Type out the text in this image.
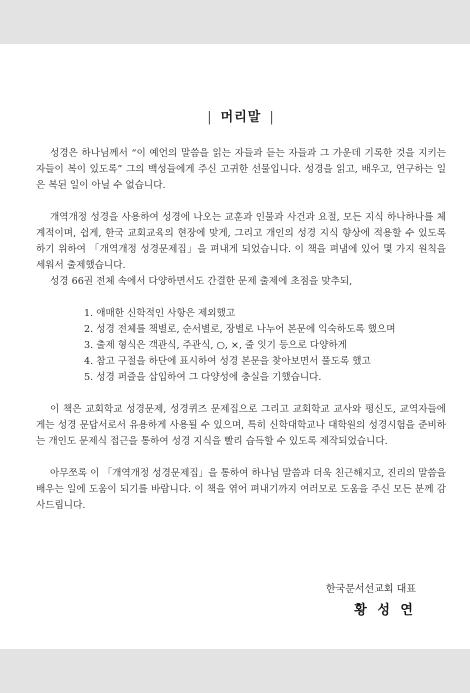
| 머리말 |

성경은 하나님께서 “이 예언의 말씀을 읽는 자들과 듣는 자들과 그 가운데 기록한 것을 지키는 자들이 복이 있도록” 그의 백성들에게 주신 고귀한 선물입니다. 성경을 읽고, 배우고, 연구하는 일은 복된 일이 아닐 수 없습니다.

개역개정 성경을 사용하여 성경에 나오는 교훈과 인물과 사건과 요절, 모든 지식 하나하나를 체계적이며, 쉽게, 한국 교회교육의 현장에 맞게, 그리고 개인의 성경 지식 향상에 적용할 수 있도록 하기 위하여 「개역개정 성경문제집」을 펴내게 되었습니다. 이 책을 펴냄에 있어 몇 가지 원칙을 세워서 출제했습니다.

성경 66권 전체 속에서 다양하면서도 간결한 문제 출제에 초점을 맞추되,

1. 애매한 신학적인 사항은 제외했고
2. 성경 전체를 책별로, 순서별로, 장별로 나누어 본문에 익숙하도록 했으며
3. 출제 형식은 객관식, 주관식, ○, ×, 줄 잇기 등으로 다양하게
4. 참고 구절을 하단에 표시하여 성경 본문을 찾아보면서 풀도록 했고
5. 성경 퍼즐을 삽입하여 그 다양성에 충실을 기했습니다.

이 책은 교회학교 성경문제, 성경퀴즈 문제집으로 그리고 교회학교 교사와 평신도, 교역자들에게는 성경 문답서로서 유용하게 사용될 수 있으며, 특히 신학대학교나 대학원의 성경시험을 준비하는 개인도 문제식 접근을 통하여 성경 지식을 빨리 습득할 수 있도록 제작되었습니다.

아무쪼록 이 「개역개정 성경문제집」을 통하여 하나님 말씀과 더욱 친근해지고, 진리의 말씀을 배우는 일에 도움이 되기를 바랍니다. 이 책을 엮어 펴내기까지 여러모로 도움을 주신 모든 분께 감사드립니다.

한국문서선교회 대표
황 성 연
